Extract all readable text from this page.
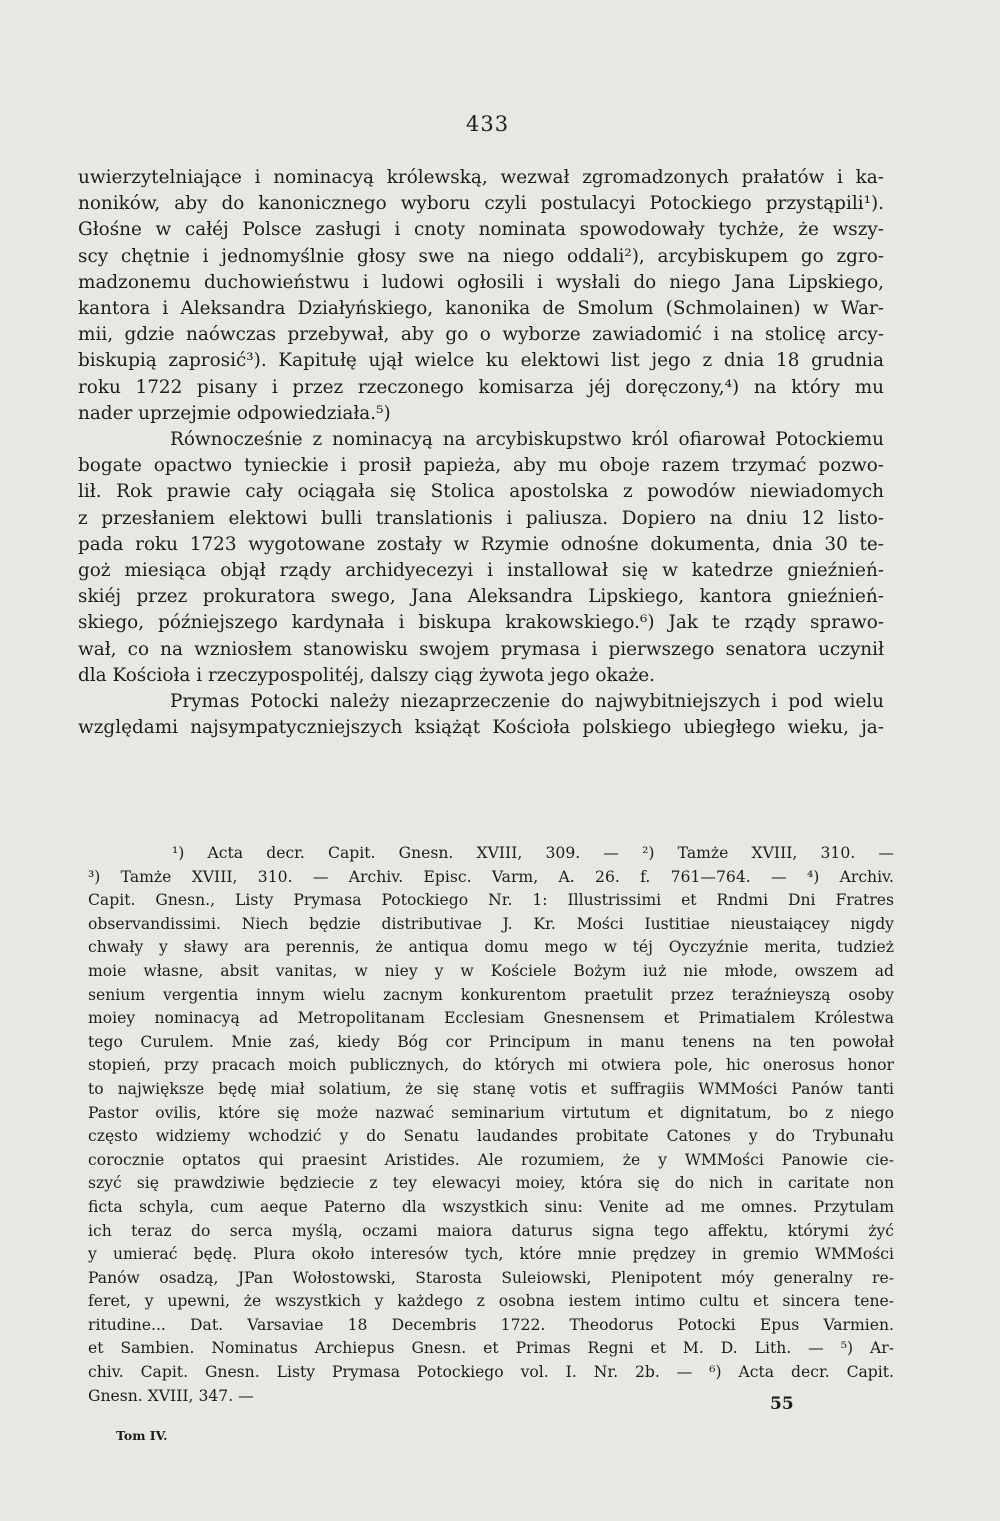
433
uwierzytelniające i nominacyą królewską, wezwał zgromadzonych prałatów i ka-
noników, aby do kanonicznego wyboru czyli postulacyi Potockiego przystąpili¹).
Głośne w całéj Polsce zasługi i cnoty nominata spowodowały tychże, że wszy-
scy chętnie i jednomyślnie głosy swe na niego oddali²), arcybiskupem go zgro-
madzonemu duchowieństwu i ludowi ogłosili i wysłali do niego Jana Lipskiego,
kantora i Aleksandra Działyńskiego, kanonika de Smolum (Schmolainen) w War-
mii, gdzie naówczas przebywał, aby go o wyborze zawiadomić i na stolicę arcy-
biskupią zaprosić³). Kapitułę ujął wielce ku elektowi list jego z dnia 18 grudnia
roku 1722 pisany i przez rzeczonego komisarza jéj doręczony,⁴) na który mu
nader uprzejmie odpowiedziała.⁵)
Równocześnie z nominacyą na arcybiskupstwo król ofiarował Potockiemu
bogate opactwo tynieckie i prosił papieża, aby mu oboje razem trzymać pozwo-
lił. Rok prawie cały ociągała się Stolica apostolska z powodów niewiadomych
z przesłaniem elektowi bulli translationis i paliusza. Dopiero na dniu 12 listo-
pada roku 1723 wygotowane zostały w Rzymie odnośne dokumenta, dnia 30 te-
goż miesiąca objął rządy archidyecezyi i installował się w katedrze gnieźnień-
skiéj przez prokuratora swego, Jana Aleksandra Lipskiego, kantora gnieźnień-
skiego, późniejszego kardynała i biskupa krakowskiego.⁶) Jak te rządy sprawo-
wał, co na wzniosłem stanowisku swojem prymasa i pierwszego senatora uczynił
dla Kościoła i rzeczypospolitéj, dalszy ciąg żywota jego okaże.
Prymas Potocki należy niezaprzeczenie do najwybitniejszych i pod wielu
względami najsympatyczniejszych książąt Kościoła polskiego ubiegłego wieku, ja-
¹) Acta decr. Capit. Gnesn. XVIII, 309. — ²) Tamże XVIII, 310. —
³) Tamże XVIII, 310. — Archiv. Episc. Varm, A. 26. f. 761—764. — ⁴) Archiv.
Capit. Gnesn., Listy Prymasa Potockiego Nr. 1: Illustrissimi et Rndmi Dni Fratres
observandissimi. Niech będzie distributivae J. Kr. Mości Iustitiae nieustaiącey nigdy
chwały y sławy ara perennis, że antiqua domu mego w téj Oyczyźnie merita, tudzież
moie własne, absit vanitas, w niey y w Kościele Bożym iuż nie młode, owszem ad
senium vergentia innym wielu zacnym konkurentom praetulit przez teraźnieyszą osoby
moiey nominacyą ad Metropolitanam Ecclesiam Gnesnensem et Primatialem Królestwa
tego Curulem. Mnie zaś, kiedy Bóg cor Principum in manu tenens na ten powołał
stopień, przy pracach moich publicznych, do których mi otwiera pole, hic onerosus honor
to największe będę miał solatium, że się stanę votis et suffragiis WMMości Panów tanti
Pastor ovilis, które się może nazwać seminarium virtutum et dignitatum, bo z niego
często widziemy wchodzić y do Senatu laudandes probitate Catones y do Trybunału
corocznie optatos qui praesint Aristides. Ale rozumiem, że y WMMości Panowie cie-
szyć się prawdziwie będziecie z tey elewacyi moiey, która się do nich in caritate non
ficta schyla, cum aeque Paterno dla wszystkich sinu: Venite ad me omnes. Przytulam
ich teraz do serca myślą, oczami maiora daturus signa tego affektu, którymi żyć
y umierać będę. Plura około interesów tych, które mnie prędzey in gremio WMMości
Panów osadzą, JPan Wołostowski, Starosta Suleiowski, Plenipotent móy generalny re-
feret, y upewni, że wszystkich y każdego z osobna iestem intimo cultu et sincera tene-
ritudine... Dat. Varsaviae 18 Decembris 1722. Theodorus Potocki Epus Varmien.
et Sambien. Nominatus Archiepus Gnesn. et Primas Regni et M. D. Lith. — ⁵) Ar-
chiv. Capit. Gnesn. Listy Prymasa Potockiego vol. I. Nr. 2b. — ⁶) Acta decr. Capit.
Gnesn. XVIII, 347. —	55
Tom IV.
